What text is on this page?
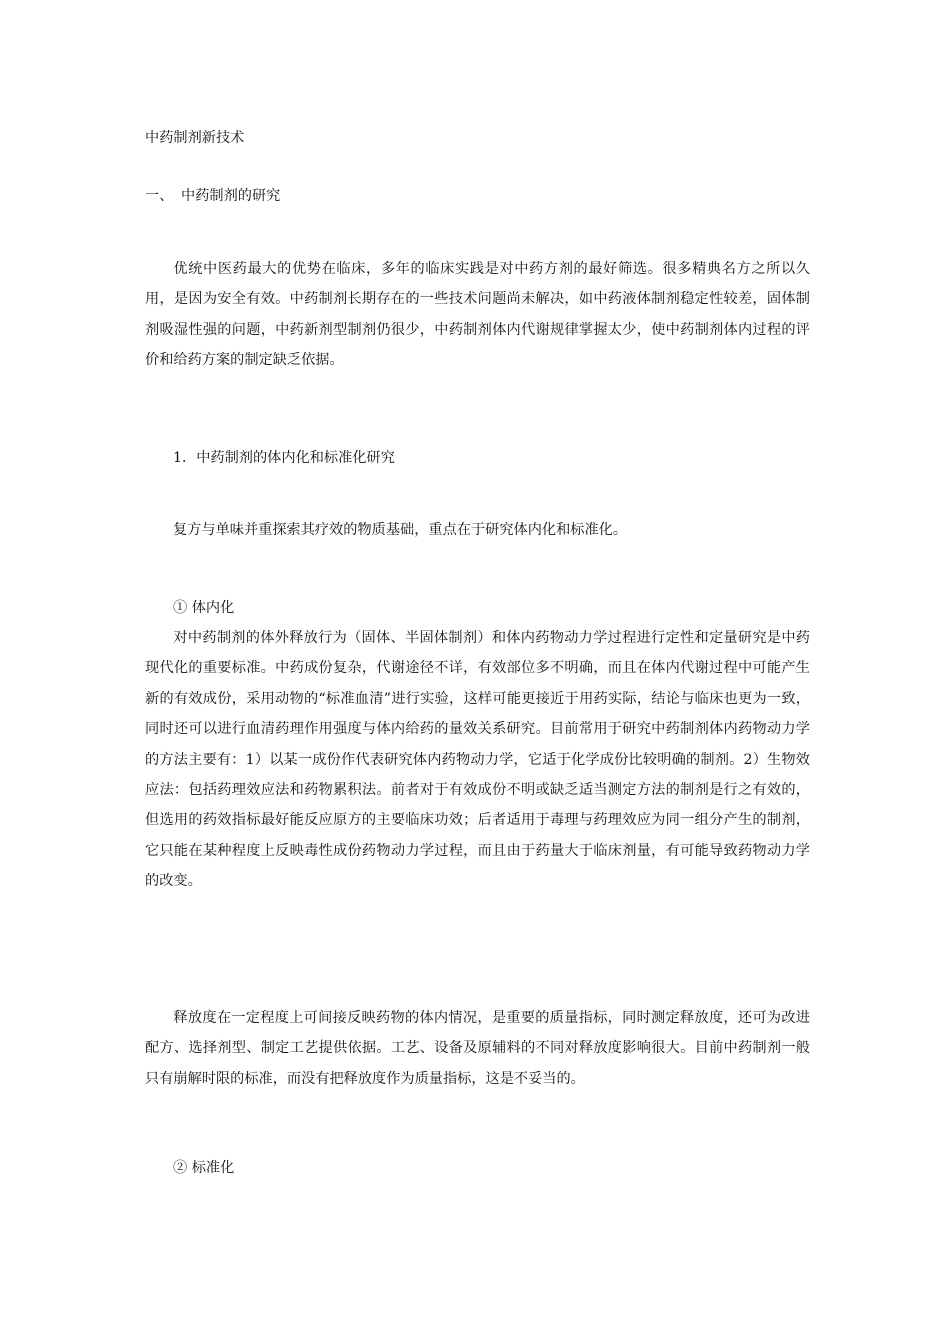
中药制剂新技术
一、 中药制剂的研究

优统中医药最大的优势在临床，多年的临床实践是对中药方剂的最好筛选。很多精典名方之所以久用，是因为安全有效。中药制剂长期存在的一些技术问题尚未解决，如中药液体制剂稳定性较差，固体制剂吸湿性强的问题，中药新剂型制剂仍很少，中药制剂体内代谢规律掌握太少，使中药制剂体内过程的评价和给药方案的制定缺乏依据。

1．中药制剂的体内化和标准化研究
复方与单味并重探索其疗效的物质基础，重点在于研究体内化和标准化。
① 体内化

对中药制剂的体外释放行为（固体、半固体制剂）和体内药物动力学过程进行定性和定量研究是中药现代化的重要标准。中药成份复杂，代谢途径不详，有效部位多不明确，而且在体内代谢过程中可能产生新的有效成份，采用动物的“标准血清”进行实验，这样可能更接近于用药实际，结论与临床也更为一致，同时还可以进行血清药理作用强度与体内给药的量效关系研究。目前常用于研究中药制剂体内药物动力学的方法主要有：1）以某一成份作代表研究体内药物动力学，它适于化学成份比较明确的制剂。2）生物效应法：包括药理效应法和药物累积法。前者对于有效成份不明或缺乏适当测定方法的制剂是行之有效的，但选用的药效指标最好能反应原方的主要临床功效；后者适用于毒理与药理效应为同一组分产生的制剂，它只能在某种程度上反映毒性成份药物动力学过程，而且由于药量大于临床剂量，有可能导致药物动力学的改变。

释放度在一定程度上可间接反映药物的体内情况，是重要的质量指标，同时测定释放度，还可为改进配方、选择剂型、制定工艺提供依据。工艺、设备及原辅料的不同对释放度影响很大。目前中药制剂一般只有崩解时限的标准，而没有把释放度作为质量指标，这是不妥当的。

② 标准化
